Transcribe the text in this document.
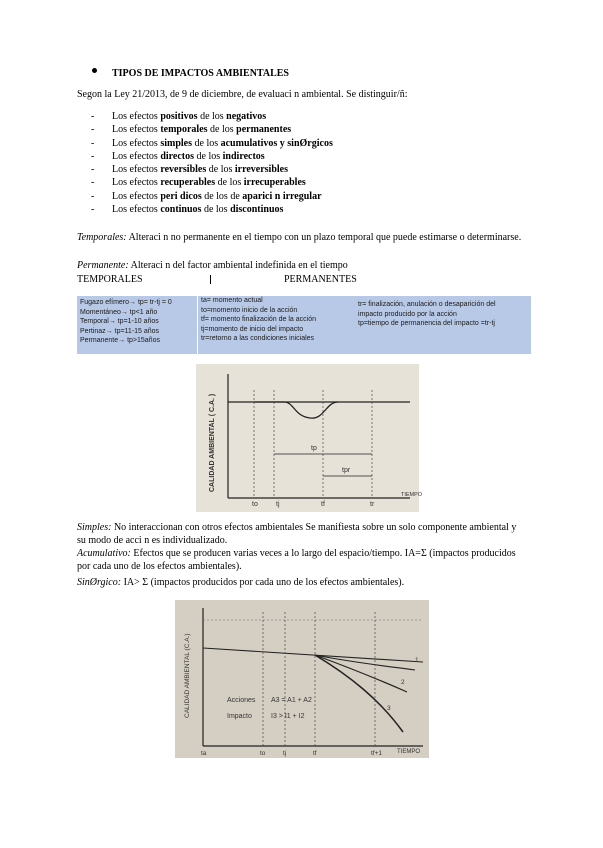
TIPOS DE IMPACTOS AMBIENTALES
Segon la Ley 21/2013, de 9 de diciembre, de evaluaci n ambiental. Se distinguir/ñ:
- Los efectos positivos de los negativos
- Los efectos temporales de los permanentes
- Los efectos simples de los acumulativos y sinØrgicos
- Los efectos directos de los indirectos
- Los efectos reversibles de los irreversibles
- Los efectos recuperables de los irrecuperables
- Los efectos peri dicos de los de aparici n irregular
- Los efectos continuos de los discontinuos
Temporales: Alteraci n no permanente en el tiempo con un plazo temporal que puede estimarse o determinarse.
Permanente: Alteraci n del factor ambiental indefinida en el tiempo
TEMPORALES	PERMANENTES
Fugazo efímero→ tp= tr-tj = 0
Momentáneo→ tp<1 año
Temporal→ tp=1-10 años
Pertinaz→ tp=11-15 años
Permanente→ tp>15años
ta= momento actual
to=momento inicio de la acción
tf= momento finalización de la acción
tj=momento de inicio del impacto
tr=retorno a las condiciones iniciales
tr= finalización, anulación o desaparición del
impacto producido por la acción
tp=tiempo de permanencia del impacto =tr-tj
CALIDAD AMBIENTAL ( C.A. )
TIEMPO
to	tj	tf	tr
tp
tpr
Simples: No interaccionan con otros efectos ambientales Se manifiesta sobre un solo componente ambiental y su modo de acci n es individualizado.
Acumulativo: Efectos que se producen varias veces a lo largo del espacio/tiempo. IA=Σ (impactos producidos por cada uno de los efectos ambientales).
SinØrgico: IA> Σ (impactos producidos por cada uno de los efectos ambientales).
CALIDAD AMBIENTAL (C.A.)
TIEMPO
Acciones A3 = A1 + A2
Impacto	I3 > I1 + I2
ta	to	tj	tf	tf+1
1
2
3
